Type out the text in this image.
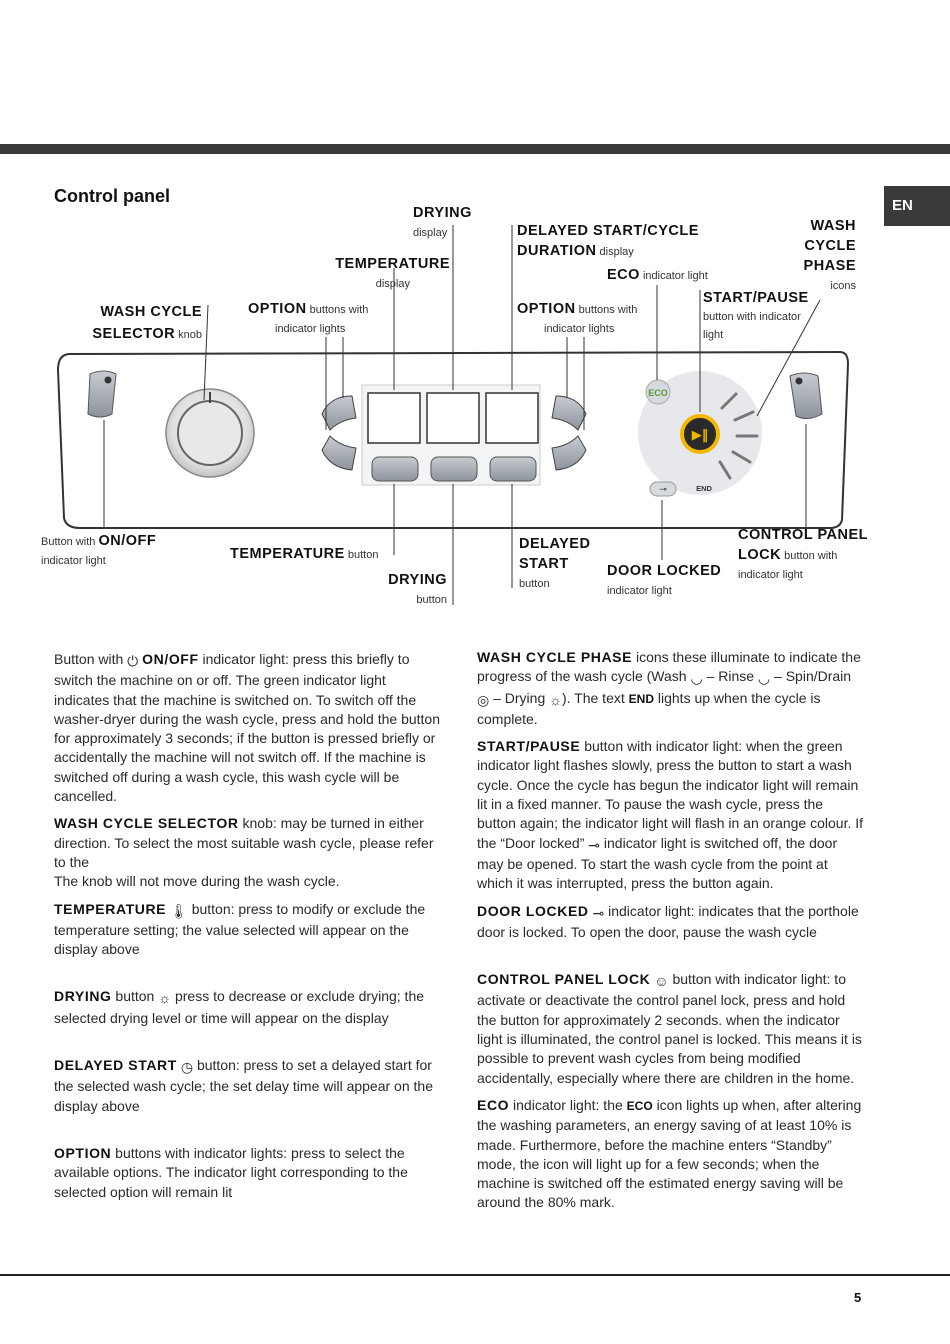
EN
Control panel
ECO
▶‖
⊸	END
DRYING
display	DELAYED START/CYCLE
DURATION display
WASH
CYCLE
PHASE
icons
TEMPERATURE
display
ECO indicator light
START/PAUSE
button with indicator
light
WASH CYCLE
SELECTOR knob
OPTION buttons with
indicator lights
OPTION buttons with
indicator lights
Button with ON/OFF
indicator light	TEMPERATURE button
DRYING
button
DELAYED
START
button
DOOR LOCKED
indicator light
CONTROL PANEL
LOCK button with
indicator light

Button with ⏻ ON/OFF indicator light: press this briefly to switch the machine on or off. The green indicator light indicates that the machine is switched on. To switch off the washer-dryer during the wash cycle, press and hold the button for approximately 3 seconds; if the button is pressed briefly or accidentally the machine will not switch off. If the machine is switched off during a wash cycle, this wash cycle will be cancelled.

WASH CYCLE SELECTOR knob: may be turned in either direction. To select the most suitable wash cycle, please refer to the
The knob will not move during the wash cycle.

TEMPERATURE 🌡 button: press to modify or exclude the temperature setting; the value selected will appear on the display above

DRYING button ☼ press to decrease or exclude drying; the selected drying level or time will appear on the display

DELAYED START ◷ button: press to set a delayed start for the selected wash cycle; the set delay time will appear on the display above

OPTION buttons with indicator lights: press to select the available options. The indicator light corresponding to the selected option will remain lit

WASH CYCLE PHASE icons these illuminate to indicate the progress of the wash cycle (Wash ◡ – Rinse ◡ – Spin/Drain ◎ – Drying ☼). The text END lights up when the cycle is complete.

START/PAUSE button with indicator light: when the green indicator light flashes slowly, press the button to start a wash cycle. Once the cycle has begun the indicator light will remain lit in a fixed manner. To pause the wash cycle, press the button again; the indicator light will flash in an orange colour. If the “Door locked” ⊸ indicator light is switched off, the door may be opened. To start the wash cycle from the point at which it was interrupted, press the button again.

DOOR LOCKED ⊸ indicator light: indicates that the porthole door is locked. To open the door, pause the wash cycle

CONTROL PANEL LOCK ☺ button with indicator light: to activate or deactivate the control panel lock, press and hold the button for approximately 2 seconds. when the indicator light is illuminated, the control panel is locked. This means it is possible to prevent wash cycles from being modified accidentally, especially where there are children in the home.

ECO indicator light: the ECO icon lights up when, after altering the washing parameters, an energy saving of at least 10% is made. Furthermore, before the machine enters “Standby” mode, the icon will light up for a few seconds; when the machine is switched off the estimated energy saving will be around the 80% mark.

5
